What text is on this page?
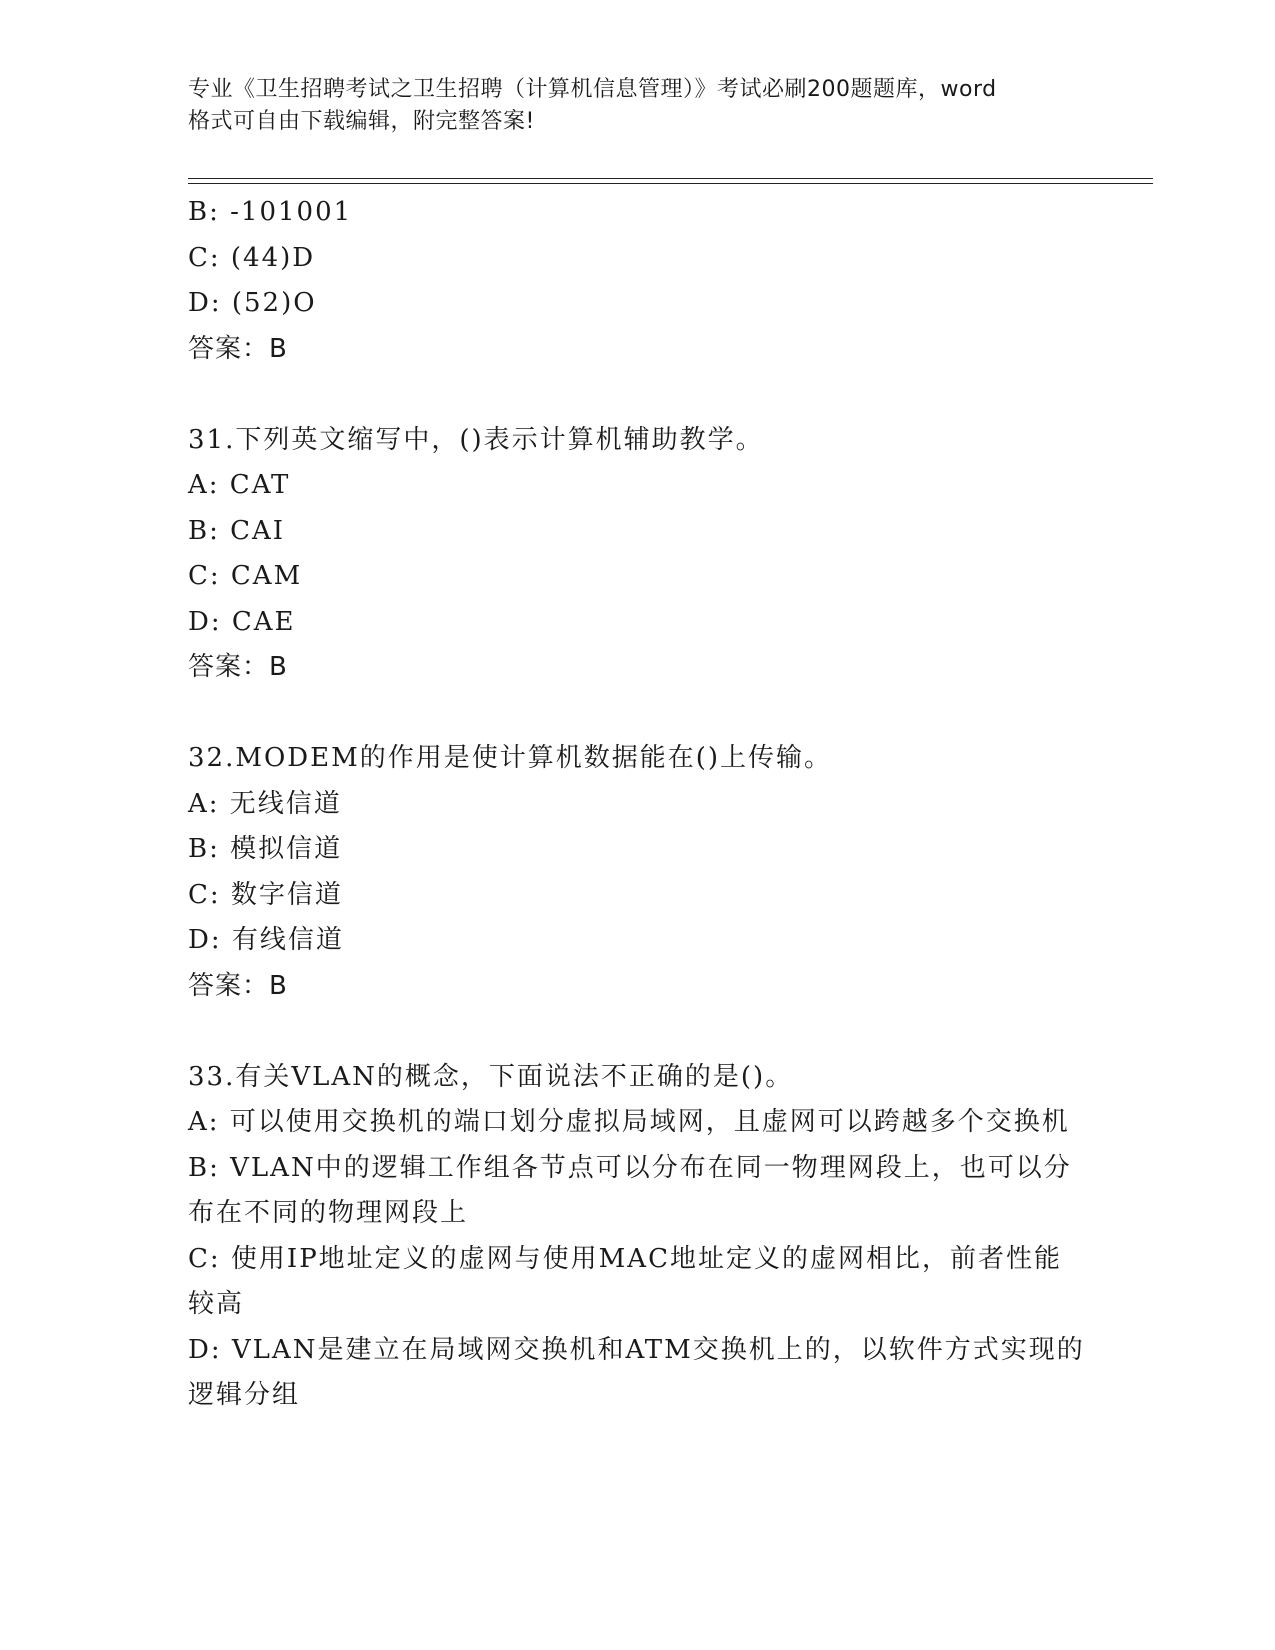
专业《卫生招聘考试之卫生招聘（计算机信息管理）》考试必刷200题题库，word
格式可自由下载编辑，附完整答案!
B: -101001
C: (44)D
D: (52)O
答案：B
31.下列英文缩写中，()表示计算机辅助教学。
A: CAT
B: CAI
C: CAM
D: CAE
答案：B
32.MODEM的作用是使计算机数据能在()上传输。
A: 无线信道
B: 模拟信道
C: 数字信道
D: 有线信道
答案：B
33.有关VLAN的概念，下面说法不正确的是()。
A: 可以使用交换机的端口划分虚拟局域网，且虚网可以跨越多个交换机
B: VLAN中的逻辑工作组各节点可以分布在同一物理网段上，也可以分布在不同的物理网段上
C: 使用IP地址定义的虚网与使用MAC地址定义的虚网相比，前者性能较高
D: VLAN是建立在局域网交换机和ATM交换机上的，以软件方式实现的逻辑分组
